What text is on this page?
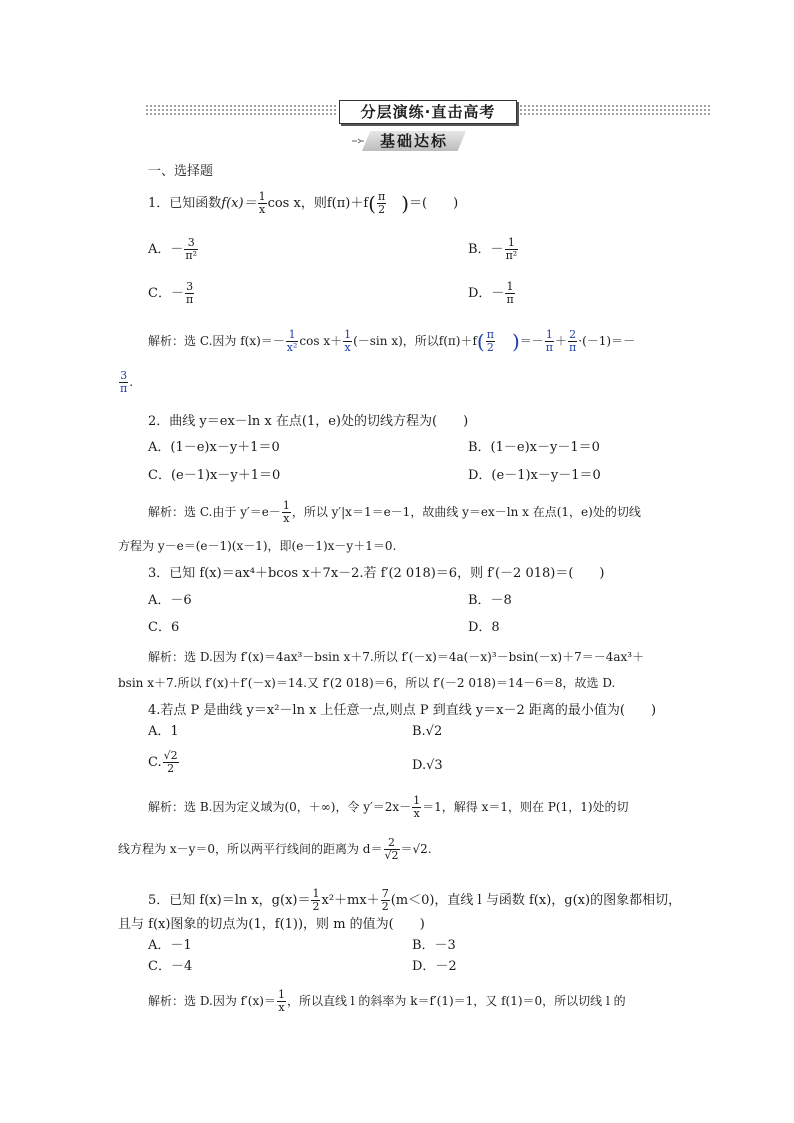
分层演练·直击高考
基础达标
一、选择题
1．已知函数$f(x)= \frac{1}{x}$ cos x，则$f(\pi)+f( \frac{\pi}{2}$ )＝(　　)
A．－ $\frac{3}{\text{π²}}$	B．－ $\frac{1}{\text{π²}}$
C．－ $\frac{3}{\pi}$	D．－ $\frac{1}{\pi}$
解析：选 C.因为 $f(x)=- \frac{1}{\text{x²}}$ $\cos x+ \frac{1}{x} (-\sin$ x)，所以$f(\pi)+f( \frac{\pi}{2}$ )＝－ $\frac{1}{\pi} + \frac{2}{\pi} \cdot(-1)=-$
$\frac{3}{\pi}$ .
2．曲线 y＝ex－ln x 在点(1，e)处的切线方程为(　　)
A．(1－e)x－y＋1＝0	B．(1－e)x－y－1＝0
C．(e－1)x－y＋1＝0	D．(e－1)x－y－1＝0
解析：选 C.由于 $y'=e- \frac{1}{x}$ ，所以 y′|x＝1＝e－1，故曲线 y＝ex－ln x 在点(1，e)处的切线
方程为 y－e＝(e－1)(x－1)，即(e－1)x－y＋1＝0.
3．已知 f(x)＝ax⁴＋bcos x＋7x－2.若 f′(2 018)＝6，则 f′(－2 018)＝(　　)
A．－6	B．－8
C．6	D．8
解析：选 D.因为 f′(x)＝4ax³－bsin x＋7.所以 f′(－x)＝4a(－x)³－bsin(－x)＋7＝－4ax³＋
bsin x＋7.所以 f′(x)＋f′(－x)＝14.又 f′(2 018)＝6，所以 f′(－2 018)＝14－6＝8，故选 D.
4.若点 P 是曲线 y＝x²－ln x 上任意一点,则点 P 到直线 y＝x－2 距离的最小值为(　　)
A．1	B.√2
C. $\frac{√2}{2}$	D.√3
解析：选 B.因为定义域为(0，＋∞)，令 $y'=2x- \frac{1}{x} =1$，解得 x＝1，则在 P(1，1)处的切
线方程为 x－y＝0，所以两平行线间的距离为 $d= \frac{2}{√2} =√2$.
5．已知 f(x)＝ln x，$g(x)= \frac{1}{2} x^2+mx+ \frac{7}{2} (m<0)$，直线 l 与函数 f(x)，g(x)的图象都相切，
且与 f(x)图象的切点为(1，f(1))，则 m 的值为(　　)
A．－1	B．－3
C．－4	D．－2
解析：选 D.因为 $f'(x)= \frac{1}{x}$ ，所以直线 l 的斜率为 k＝f′(1)＝1，又 f(1)＝0，所以切线 l 的
